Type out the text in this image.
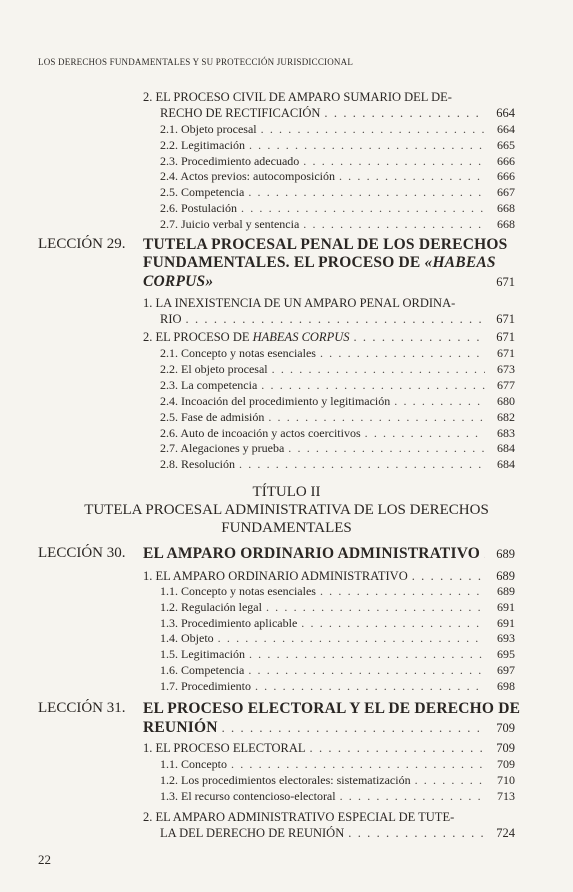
LOS DERECHOS FUNDAMENTALES Y SU PROTECCIÓN JURISDICCIONAL
2. EL PROCESO CIVIL DE AMPARO SUMARIO DEL DE-
RECHO DE RECTIFICACIÓN . . .	664
2.1. Objeto procesal . . .	664
2.2. Legitimación . . .	665
2.3. Procedimiento adecuado . . .	666
2.4. Actos previos: autocomposición . . .	666
2.5. Competencia . . .	667
2.6. Postulación . . .	668
2.7. Juicio verbal y sentencia . . .	668
LECCIÓN 29. TUTELA PROCESAL PENAL DE LOS DERECHOS
FUNDAMENTALES. EL PROCESO DE «HABEAS
CORPUS»	671
1. LA INEXISTENCIA DE UN AMPARO PENAL ORDINA-
RIO . . .	671
2. EL PROCESO DE HABEAS CORPUS . . .	671
2.1. Concepto y notas esenciales . . .	671
2.2. El objeto procesal . . .	673
2.3. La competencia . . .	677
2.4. Incoación del procedimiento y legitimación . . .	680
2.5. Fase de admisión . . .	682
2.6. Auto de incoación y actos coercitivos . . .	683
2.7. Alegaciones y prueba . . .	684
2.8. Resolución . . .	684
TÍTULO II
TUTELA PROCESAL ADMINISTRATIVA DE LOS DERECHOS
FUNDAMENTALES
LECCIÓN 30. EL AMPARO ORDINARIO ADMINISTRATIVO . . .	689
1. EL AMPARO ORDINARIO ADMINISTRATIVO . . .	689
1.1. Concepto y notas esenciales . . .	689
1.2. Regulación legal . . .	691
1.3. Procedimiento aplicable . . .	691
1.4. Objeto . . .	693
1.5. Legitimación . . .	695
1.6. Competencia . . .	697
1.7. Procedimiento . . .	698
LECCIÓN 31. EL PROCESO ELECTORAL Y EL DE DERECHO DE
REUNIÓN . . .	709
1. EL PROCESO ELECTORAL . . .	709
1.1. Concepto . . .	709
1.2. Los procedimientos electorales: sistematización . . .	710
1.3. El recurso contencioso-electoral . . .	713
2. EL AMPARO ADMINISTRATIVO ESPECIAL DE TUTE-
LA DEL DERECHO DE REUNIÓN . . .	724
22
